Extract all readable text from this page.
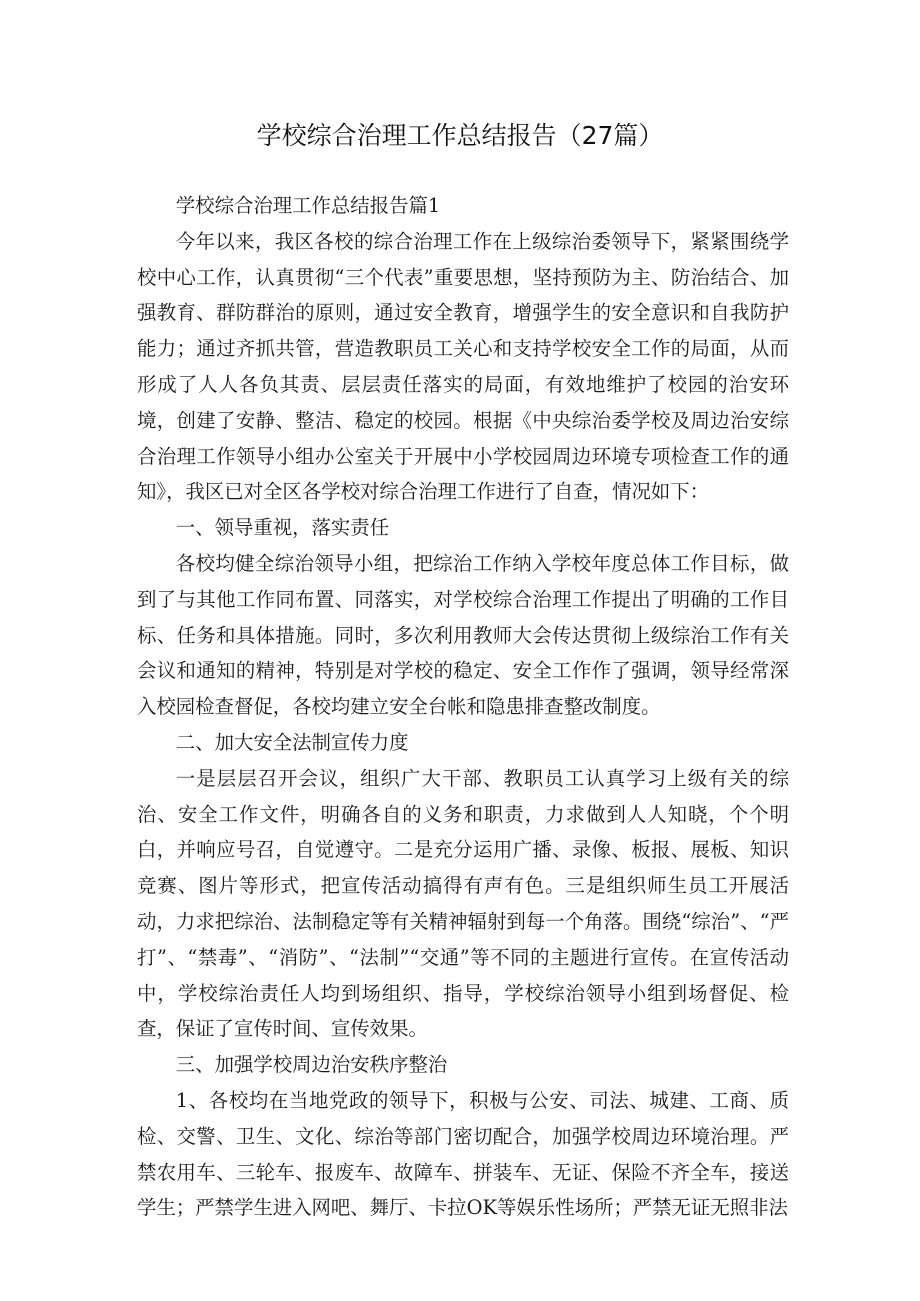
学校综合治理工作总结报告（27篇）

学校综合治理工作总结报告篇1

今年以来，我区各校的综合治理工作在上级综治委领导下，紧紧围绕学校中心工作，认真贯彻“三个代表”重要思想，坚持预防为主、防治结合、加强教育、群防群治的原则，通过安全教育，增强学生的安全意识和自我防护能力；通过齐抓共管，营造教职员工关心和支持学校安全工作的局面，从而形成了人人各负其责、层层责任落实的局面，有效地维护了校园的治安环境，创建了安静、整洁、稳定的校园。根据《中央综治委学校及周边治安综合治理工作领导小组办公室关于开展中小学校园周边环境专项检查工作的通知》，我区已对全区各学校对综合治理工作进行了自查，情况如下：

一、领导重视，落实责任

各校均健全综治领导小组，把综治工作纳入学校年度总体工作目标，做到了与其他工作同布置、同落实，对学校综合治理工作提出了明确的工作目标、任务和具体措施。同时，多次利用教师大会传达贯彻上级综治工作有关会议和通知的精神，特别是对学校的稳定、安全工作作了强调，领导经常深入校园检查督促，各校均建立安全台帐和隐患排查整改制度。

二、加大安全法制宣传力度

一是层层召开会议，组织广大干部、教职员工认真学习上级有关的综治、安全工作文件，明确各自的义务和职责，力求做到人人知晓，个个明白，并响应号召，自觉遵守。二是充分运用广播、录像、板报、展板、知识竞赛、图片等形式，把宣传活动搞得有声有色。三是组织师生员工开展活动，力求把综治、法制稳定等有关精神辐射到每一个角落。围绕“综治”、“严打”、“禁毒”、“消防”、“法制”“交通”等不同的主题进行宣传。在宣传活动中，学校综治责任人均到场组织、指导，学校综治领导小组到场督促、检查，保证了宣传时间、宣传效果。

三、加强学校周边治安秩序整治

1、各校均在当地党政的领导下，积极与公安、司法、城建、工商、质检、交警、卫生、文化、综治等部门密切配合，加强学校周边环境治理。严禁农用车、三轮车、报废车、故障车、拼装车、无证、保险不齐全车，接送学生；严禁学生进入网吧、舞厅、卡拉OK等娱乐性场所；严禁无证无照非法
